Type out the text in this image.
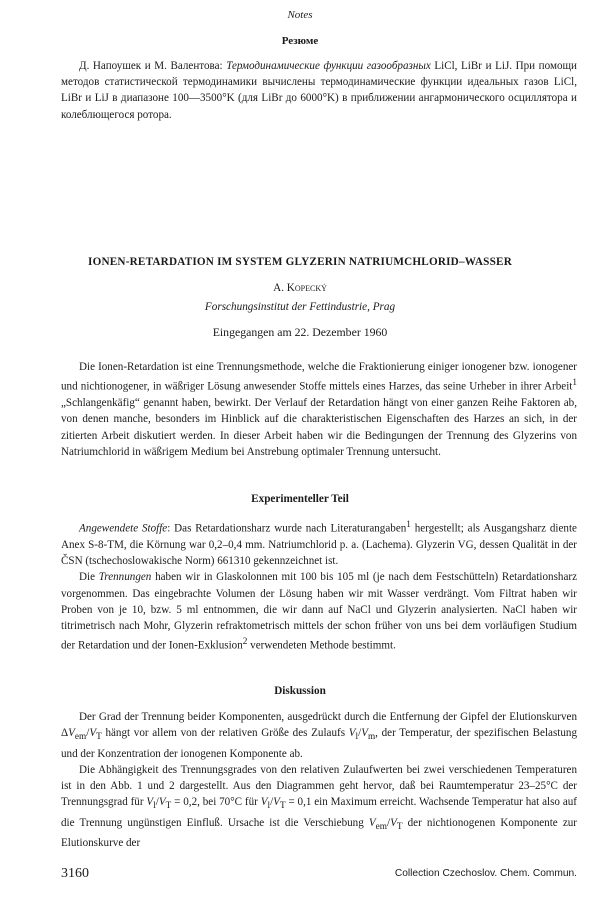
Notes
Резюме

Д. Напоушек и М. Валентова: Термодинамические функции газообразных LiCl, LiBr и LiJ. При помощи методов статистической термодинамики вычислены термодинамические функции идеальных газов LiCl, LiBr и LiJ в диапазоне 100—3500°K (для LiBr до 6000°K) в приближении ангармонического осциллятора и колеблющегося ротора.

IONEN-RETARDATION IM SYSTEM GLYZERIN NATRIUMCHLORID–WASSER
A. Kopecký
Forschungsinstitut der Fettindustrie, Prag
Eingegangen am 22. Dezember 1960

Die Ionen-Retardation ist eine Trennungsmethode, welche die Fraktionierung einiger ionogener bzw. ionogener und nichtionogener, in wäßriger Lösung anwesender Stoffe mittels eines Harzes, das seine Urheber in ihrer Arbeit$^1$ „Schlangenkäfig“ genannt haben, bewirkt. Der Verlauf der Retardation hängt von einer ganzen Reihe Faktoren ab, von denen manche, besonders im Hinblick auf die charakteristischen Eigenschaften des Harzes an sich, in der zitierten Arbeit diskutiert werden. In dieser Arbeit haben wir die Bedingungen der Trennung des Glyzerins von Natriumchlorid in wäßrigem Medium bei Anstrebung optimaler Trennung untersucht.

Experimenteller Teil

Angewendete Stoffe: Das Retardationsharz wurde nach Literaturangaben$^1$ hergestellt; als Ausgangsharz diente Anex S-8-TM, die Körnung war 0,2–0,4 mm. Natriumchlorid p. a. (Lachema). Glyzerin VG, dessen Qualität in der ČSN (tschechoslowakische Norm) 661310 gekennzeichnet ist.

Die Trennungen haben wir in Glaskolonnen mit 100 bis 105 ml (je nach dem Festschütteln) Retardationsharz vorgenommen. Das eingebrachte Volumen der Lösung haben wir mit Wasser verdrängt. Vom Filtrat haben wir Proben von je 10, bzw. 5 ml entnommen, die wir dann auf NaCl und Glyzerin analysierten. NaCl haben wir titrimetrisch nach Mohr, Glyzerin refraktometrisch mittels der schon früher von uns bei dem vorläufigen Studium der Retardation und der Ionen-Exklusion$^2$ verwendeten Methode bestimmt.

Diskussion

Der Grad der Trennung beider Komponenten, ausgedrückt durch die Entfernung der Gipfel der Elutionskurven $\Delta V_{em}/V_T$ hängt vor allem von der relativen Größe des Zulaufs $V_l/V_m$, der Temperatur, der spezifischen Belastung und der Konzentration der ionogenen Komponente ab.

Die Abhängigkeit des Trennungsgrades von den relativen Zulaufwerten bei zwei verschiedenen Temperaturen ist in den Abb. 1 und 2 dargestellt. Aus den Diagrammen geht hervor, daß bei Raumtemperatur 23–25°C der Trennungsgrad für $V_l/V_T = 0,2$, bei 70°C für $V_l/V_T = 0,1$ ein Maximum erreicht. Wachsende Temperatur hat also auf die Trennung ungünstigen Einfluß. Ursache ist die Verschiebung $V_{em}/V_T$ der nichtionogenen Komponente zur Elutionskurve der

3160	Collection Czechoslov. Chem. Commun.
